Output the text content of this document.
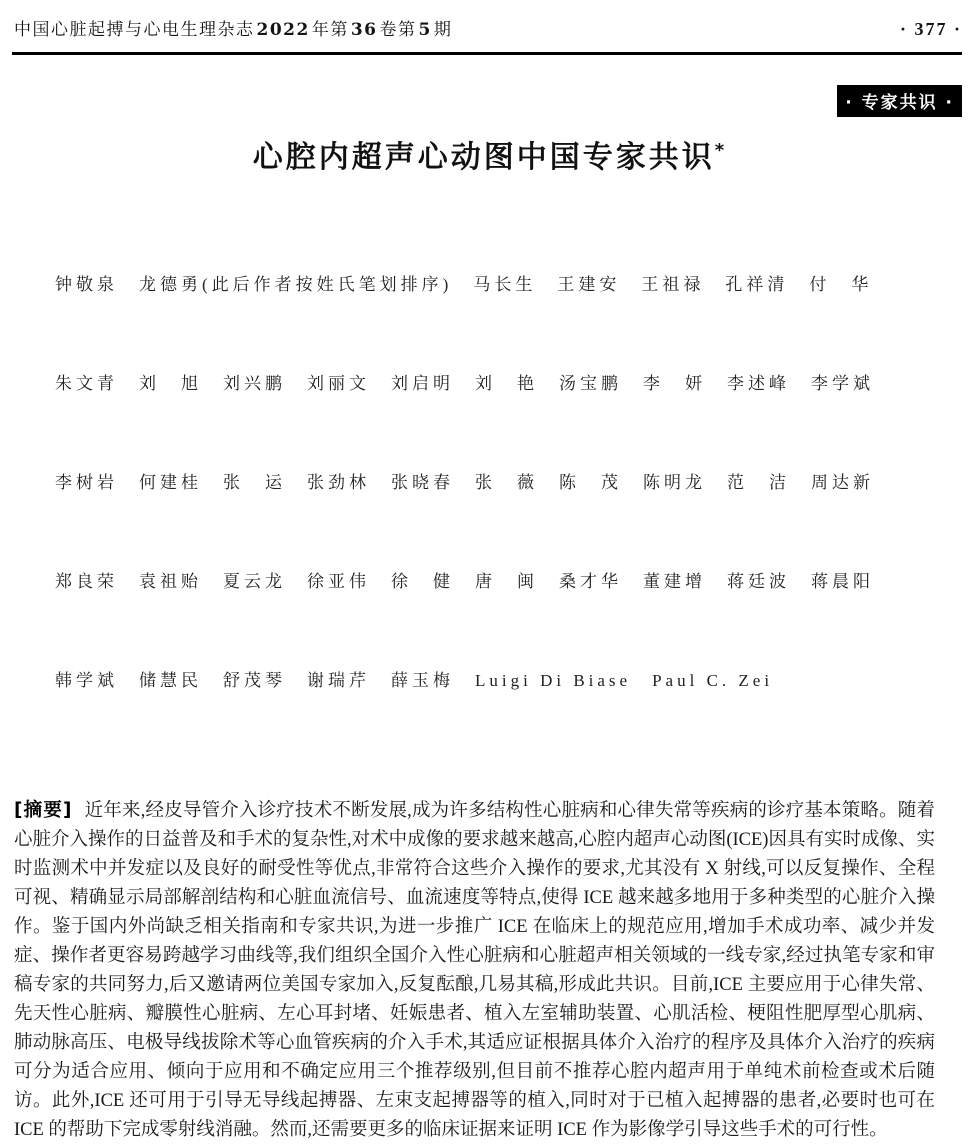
中国心脏起搏与心电生理杂志 2022 年第 36 卷第 5 期	· 377 ·
· 专家共识 ·
心腔内超声心动图中国专家共识*

钟敬泉　龙德勇(此后作者按姓氏笔划排序)　马长生　王建安　王祖禄　孔祥清　付　华

朱文青　刘　旭　刘兴鹏　刘丽文　刘启明　刘　艳　汤宝鹏　李　妍　李述峰　李学斌

李树岩　何建桂　张　运　张劲林　张晓春　张　薇　陈　茂　陈明龙　范　洁　周达新

郑良荣　袁祖贻　夏云龙　徐亚伟　徐　健　唐　闽　桑才华　董建增　蒋廷波　蒋晨阳

韩学斌　储慧民　舒茂琴　谢瑞芹　薛玉梅　Luigi Di Biase　Paul C. Zei

[摘要] 近年来,经皮导管介入诊疗技术不断发展,成为许多结构性心脏病和心律失常等疾病的诊疗基本策略。随着心脏介入操作的日益普及和手术的复杂性,对术中成像的要求越来越高,心腔内超声心动图(ICE)因具有实时成像、实时监测术中并发症以及良好的耐受性等优点,非常符合这些介入操作的要求,尤其没有 X 射线,可以反复操作、全程可视、精确显示局部解剖结构和心脏血流信号、血流速度等特点,使得 ICE 越来越多地用于多种类型的心脏介入操作。鉴于国内外尚缺乏相关指南和专家共识,为进一步推广 ICE 在临床上的规范应用,增加手术成功率、减少并发症、操作者更容易跨越学习曲线等,我们组织全国介入性心脏病和心脏超声相关领域的一线专家,经过执笔专家和审稿专家的共同努力,后又邀请两位美国专家加入,反复酝酿,几易其稿,形成此共识。目前,ICE 主要应用于心律失常、先天性心脏病、瓣膜性心脏病、左心耳封堵、妊娠患者、植入左室辅助装置、心肌活检、梗阻性肥厚型心肌病、肺动脉高压、电极导线拔除术等心血管疾病的介入手术,其适应证根据具体介入治疗的程序及具体介入治疗的疾病可分为适合应用、倾向于应用和不确定应用三个推荐级别,但目前不推荐心腔内超声用于单纯术前检查或术后随访。此外,ICE 还可用于引导无导线起搏器、左束支起搏器等的植入,同时对于已植入起搏器的患者,必要时也可在 ICE 的帮助下完成零射线消融。然而,还需要更多的临床证据来证明 ICE 作为影像学引导这些手术的可行性。
